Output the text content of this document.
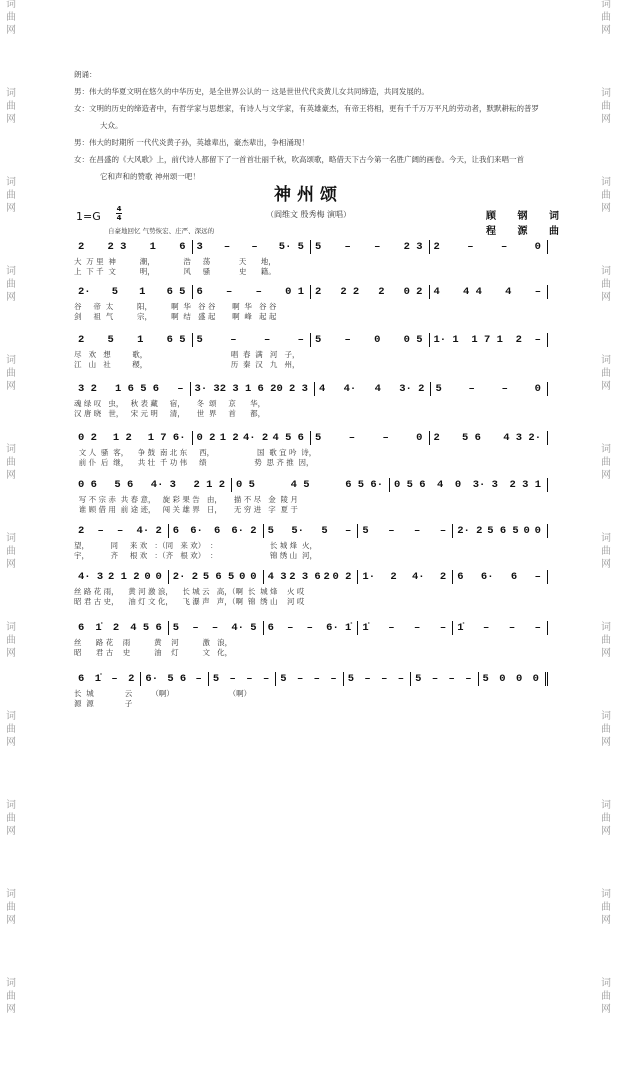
词
曲
网
词
曲
网
词
曲
网
词
曲
网
词
曲
网
词
曲
网
词
曲
网
词
曲
网
词
曲
网
词
曲
网
词
曲
网
词
曲
网
词
曲
网
词
曲
网
词
曲
网
词
曲
网
词
曲
网
词
曲
网
词
曲
网
词
曲
网
词
曲
网
词
曲
网
词
曲
网
词
曲
网
朗诵：
男：伟大的华夏文明在悠久的中华历史，是全世界公认的一 这是世世代代炎黄儿女共同缔造，共同发展的。
女：文明的历史的缔造者中，有哲学家与思想家，有诗人与文学家，有英雄豪杰，有帝王将相，更有千千万万平凡的劳动者，默默耕耘的普罗
大众。
男：伟大的时期所 一代代炎黄子孙，英雄辈出，豪杰辈出，争相涌现！
女：在昌盛的《大风歌》上，前代诗人都留下了一首首壮丽千秋，吹高颂歌，略借天下古今第一名胜广阔的画卷。今天，让我们来唱一首
它和声和的赞歌 神州颂一吧！
神州颂
（阎维文 殷秀梅 演唱）
1=G
4
4
自豪地回忆 气势恢宏、庄严、深远的
顾 钢 词
程 源 曲
2 2 3 1 6 3 – – 5· 5 5 – – 2 3 2	–	–	0
大  万 里  神          潮，            浩     荡            天      地，
上  下 千  文          明，            风     骚            史      籍。
2· 5 1 6 5 6 – – 0 1 2 2 2 2 0 2 4 4 4 4 –
谷     帝  太          阳，        啊  华   谷 谷       啊  华   谷 谷
剑     祖  气          宗，        啊  结   盛 起       啊  峰   起 起
2 5 1 6 5 5	–	–	– 5 – 0 0 5 1· 1 1 7 1 2 –
尽   欢   想         歌，                                   唱  春  满   河   子，
江   山   社         稷，                                   历  秦  汉   九   州，
3 2 1 6 5 6 – 3· 3 2 3 1 6 2 0 2 3 4 4· 4 3· 2 5	–	–	0
魂 绿 叹   虫，   秋 表 藏     宿，     冬  颂     京      华，
汉 唐 晓   世，   宋 元 明     清，     世  界     首      都，
0 2 1 2 1 7 6· 0 2 1 2 4· 2 4 5 6 5	–	–	0 2 5 6 4 3 2·
文 人  骚  客，    争 鼓  南 北 东     西，                  国  歌 宜 吟  诗，
前 仆  后  继，    共 壮  千 功 伟     绩                    势  思 齐 推  因，
0 6 5 6 4· 3 2 1 2 0 5	4 5	6 5 6· 0 5 6 4 0 3· 3 2 3 1
写 不 宗 赤  共 春 意，   旋 彩 果 告   由，     描 不 尽   金  陵 月
谁 顾 借 用  前 途 迹，   闯 关 雄 界   日，     无 穷 进   字  夏 于
2 – – 4· 2 6 6· 6 6· 2 5 5· 5 – 5 – – – 2· 2 5 6 5 0 0
望，         同     来 欢   ：（同   来 欢）  ：                      长 城 烽  火，
宇，         齐     根 欢   ：（齐   根 欢）  ：                      锦 绣 山  河，
4· 3 2 1 2 0 0 2· 2 5 6 5 0 0 4 3 2 3 6 2 0 2 1· 2 4· 2 6 6· 6 –
丝 路 花 雨，    黄 河 激 浪，    长 城 云   高，（啊  长  城 烽    火 哎
昭 君 古 史，    油 灯 文 化，    飞 瀑 声   声，（啊  锦  绣 山    河 哎
6 1̇ 2 4 5 6 5 – – 4· 5 6 – – 6· 1̇ 1̇ – – – 1̇ – – –
丝      路 花    雨          黄    河          激   浪，
昭      君 古    史          油    灯          文   化，
6 1̇ – 2 6· 5 6 – 5 – – – 5 – – – 5 – – – 5 – – – 5 0 0 0
长  城             云        （啊）                       （啊）
源  源             子
